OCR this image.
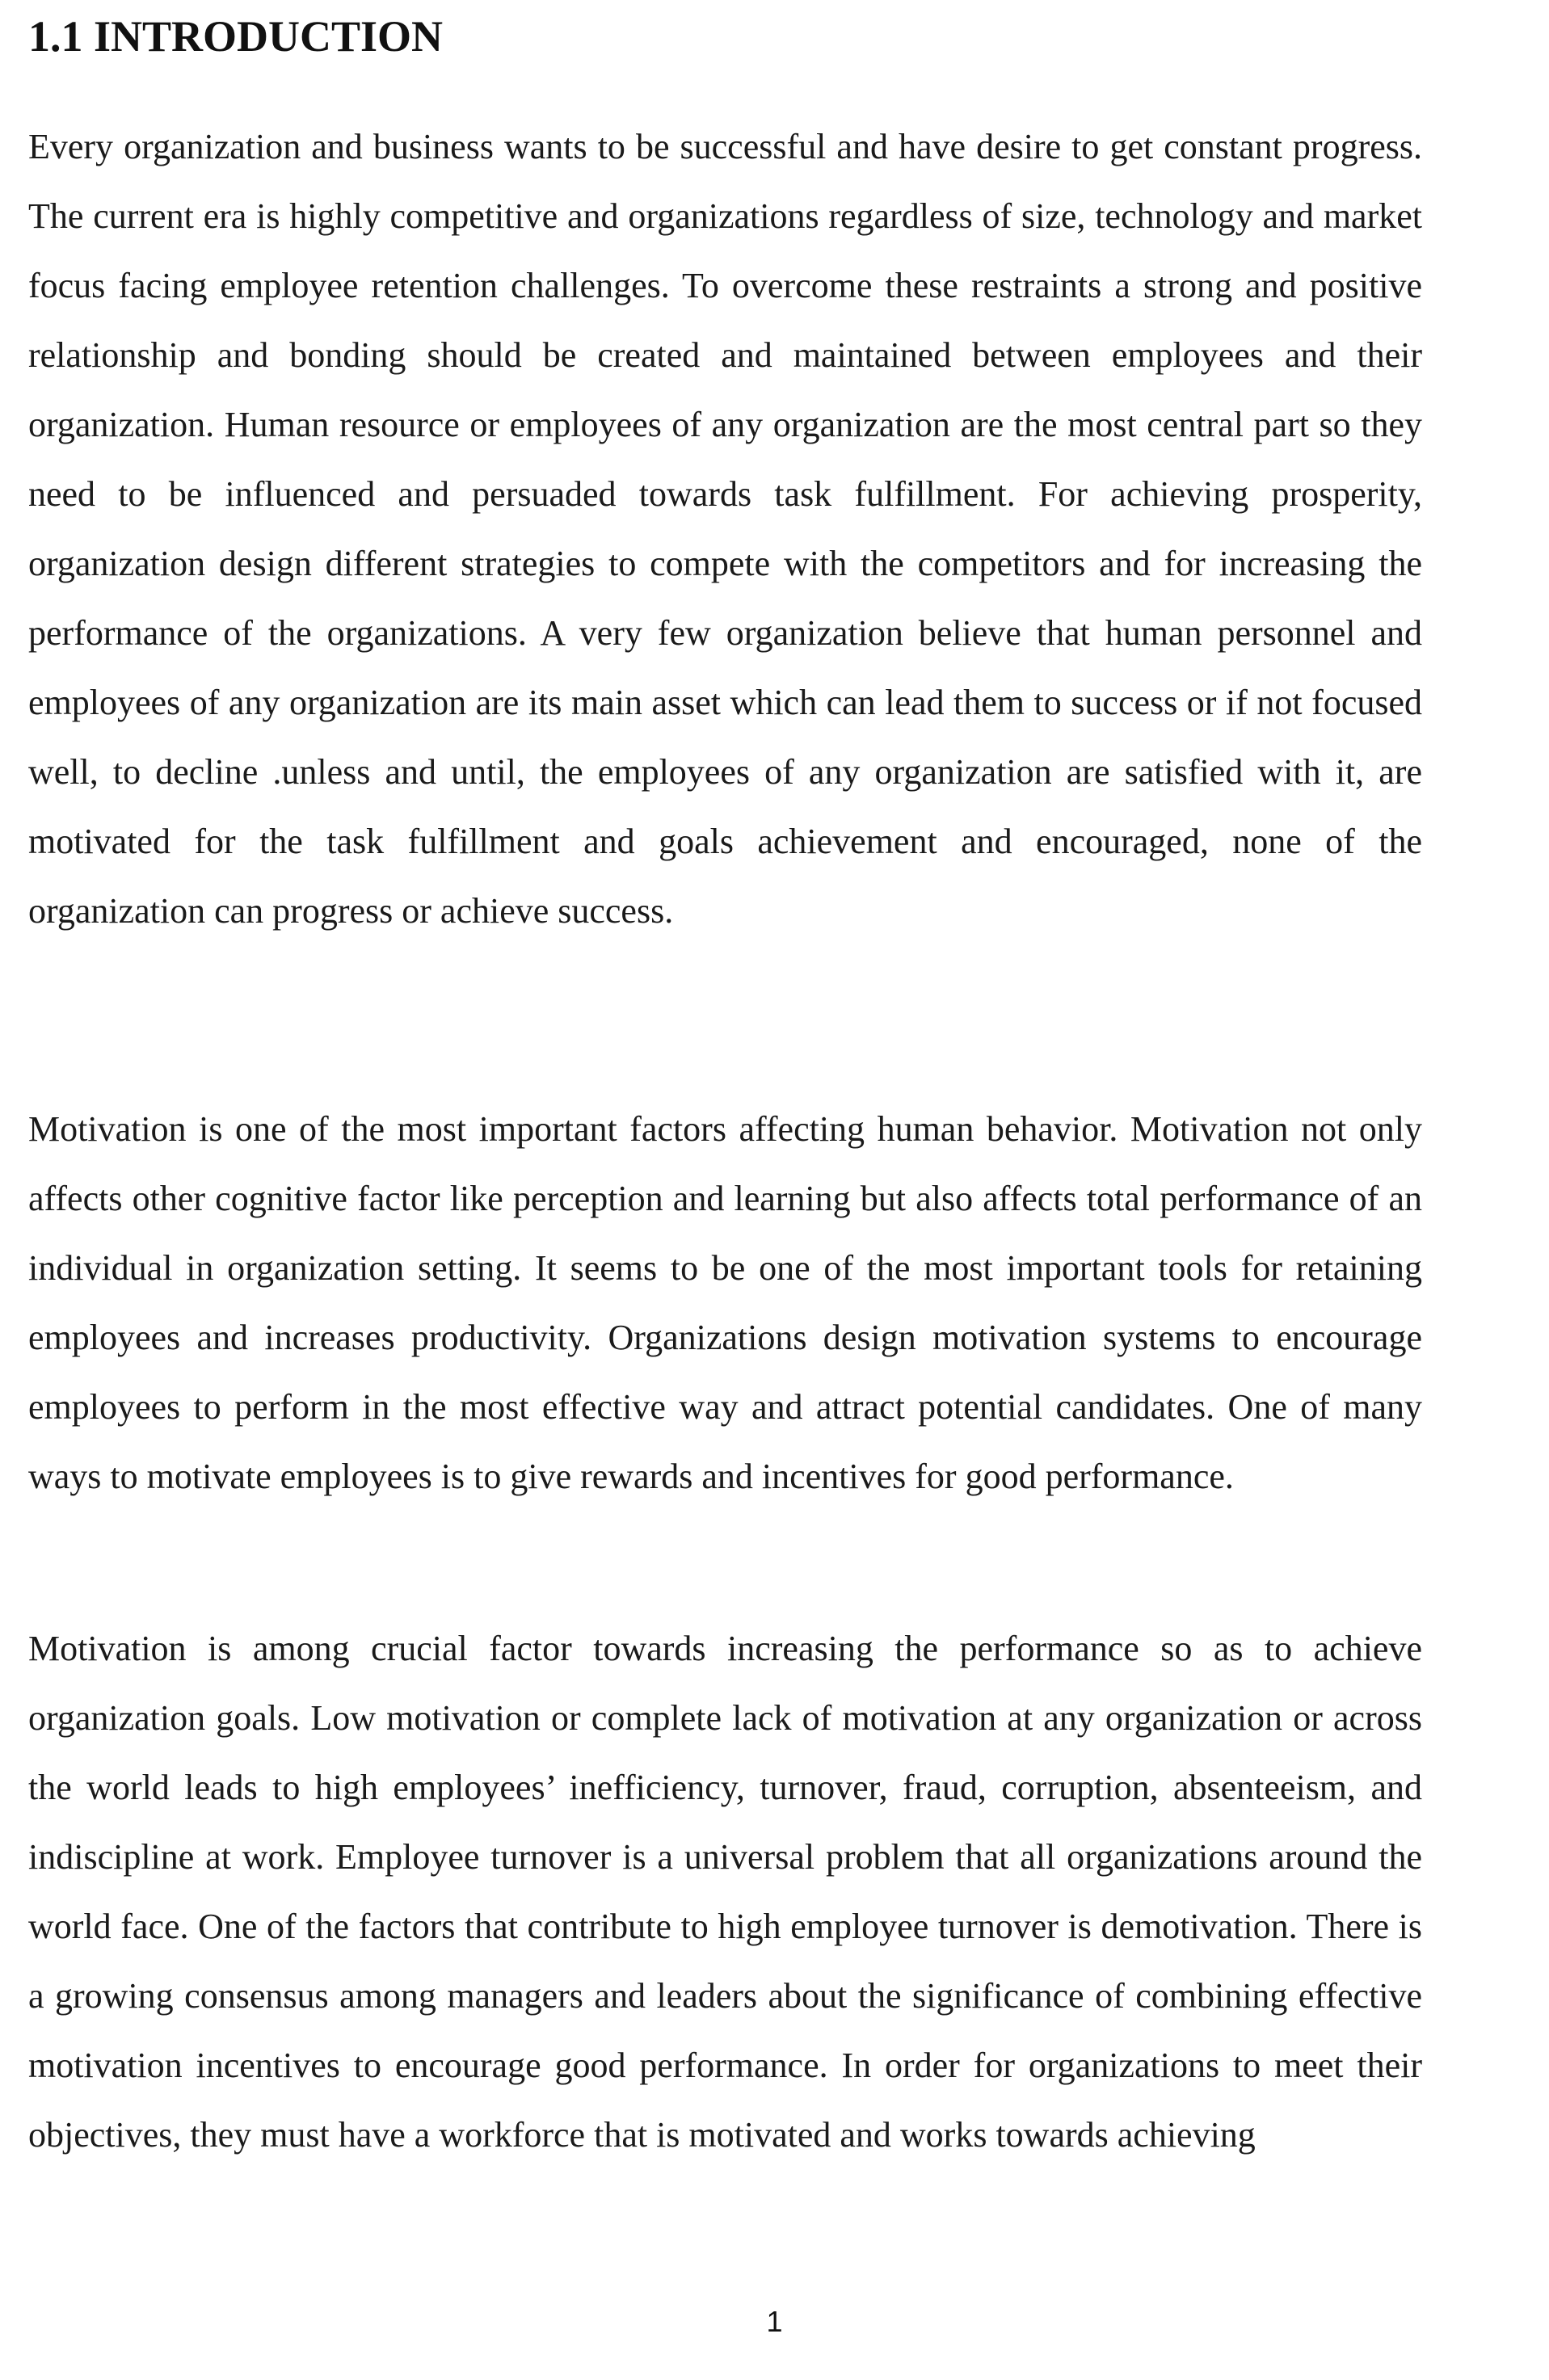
1.1 INTRODUCTION

Every organization and business wants to be successful and have desire to get constant progress. The current era is highly competitive and organizations regardless of size, technology and market focus facing employee retention challenges. To overcome these restraints a strong and positive relationship and bonding should be created and maintained between employees and their organization. Human resource or employees of any organization are the most central part so they need to be influenced and persuaded towards task fulfillment. For achieving prosperity, organization design different strategies to compete with the competitors and for increasing the performance of the organizations. A very few organization believe that human personnel and employees of any organization are its main asset which can lead them to success or if not focused well, to decline .unless and until, the employees of any organization are satisfied with it, are motivated for the task fulfillment and goals achievement and encouraged, none of the organization can progress or achieve success.

Motivation is one of the most important factors affecting human behavior. Motivation not only affects other cognitive factor like perception and learning but also affects total performance of an individual in organization setting. It seems to be one of the most important tools for retaining employees and increases productivity. Organizations design motivation systems to encourage employees to perform in the most effective way and attract potential candidates. One of many ways to motivate employees is to give rewards and incentives for good performance.

Motivation is among crucial factor towards increasing the performance so as to achieve organization goals. Low motivation or complete lack of motivation at any organization or across the world leads to high employees’ inefficiency, turnover, fraud, corruption, absenteeism, and indiscipline at work. Employee turnover is a universal problem that all organizations around the world face. One of the factors that contribute to high employee turnover is demotivation. There is a growing consensus among managers and leaders about the significance of combining effective motivation incentives to encourage good performance. In order for organizations to meet their objectives, they must have a workforce that is motivated and works towards achieving

1
